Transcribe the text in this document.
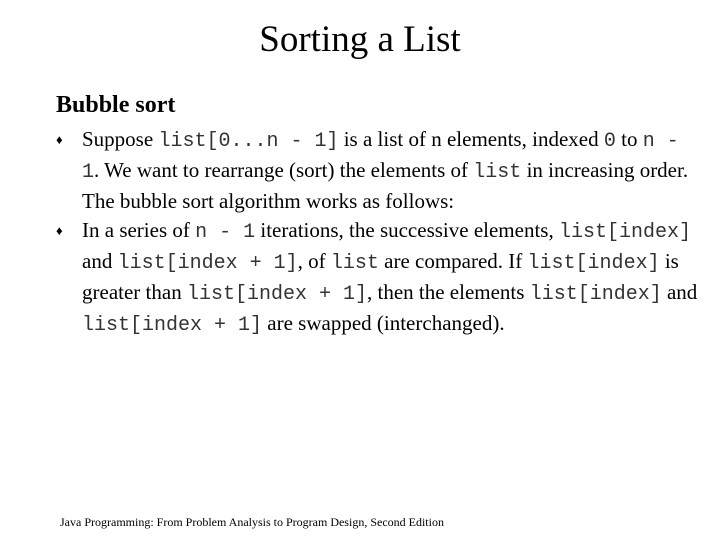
Sorting a List
Bubble sort
♦ Suppose list[0...n - 1] is a list of n elements, indexed 0 to n - 1. We want to rearrange (sort) the elements of list in increasing order. The bubble sort algorithm works as follows:
♦ In a series of n - 1 iterations, the successive elements, list[index] and list[index + 1], of list are compared. If list[index] is greater than list[index + 1], then the elements list[index] and list[index + 1] are swapped (interchanged).

Java Programming: From Problem Analysis to Program Design, Second Edition
